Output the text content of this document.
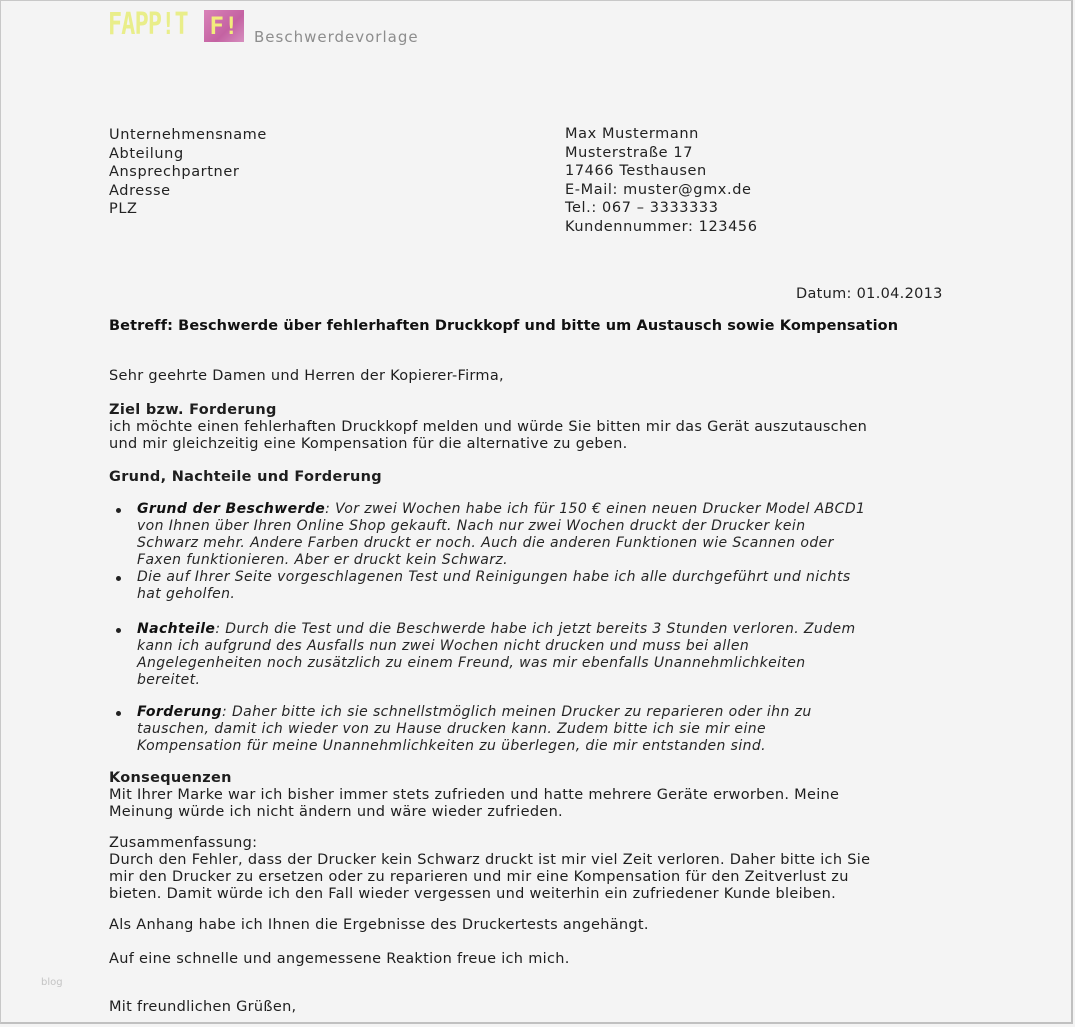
FAPP!T F!	Beschwerdevorlage
Unternehmensname
Abteilung
Ansprechpartner
Adresse
PLZ
Max Mustermann
Musterstraße 17
17466 Testhausen
E-Mail: muster@gmx.de
Tel.: 067 – 3333333
Kundennummer: 123456
Datum: 01.04.2013
Betreff: Beschwerde über fehlerhaften Druckkopf und bitte um Austausch sowie Kompensation
Sehr geehrte Damen und Herren der Kopierer-Firma,
Ziel bzw. Forderung
ich möchte einen fehlerhaften Druckkopf melden und würde Sie bitten mir das Gerät auszutauschen
und mir gleichzeitig eine Kompensation für die alternative zu geben.
Grund, Nachteile und Forderung
Grund der Beschwerde: Vor zwei Wochen habe ich für 150 € einen neuen Drucker Model ABCD1
von Ihnen über Ihren Online Shop gekauft. Nach nur zwei Wochen druckt der Drucker kein
Schwarz mehr. Andere Farben druckt er noch. Auch die anderen Funktionen wie Scannen oder
Faxen funktionieren. Aber er druckt kein Schwarz.
Die auf Ihrer Seite vorgeschlagenen Test und Reinigungen habe ich alle durchgeführt und nichts
hat geholfen.
Nachteile: Durch die Test und die Beschwerde habe ich jetzt bereits 3 Stunden verloren. Zudem
kann ich aufgrund des Ausfalls nun zwei Wochen nicht drucken und muss bei allen
Angelegenheiten noch zusätzlich zu einem Freund, was mir ebenfalls Unannehmlichkeiten
bereitet.
Forderung: Daher bitte ich sie schnellstmöglich meinen Drucker zu reparieren oder ihn zu
tauschen, damit ich wieder von zu Hause drucken kann. Zudem bitte ich sie mir eine
Kompensation für meine Unannehmlichkeiten zu überlegen, die mir entstanden sind.
Konsequenzen
Mit Ihrer Marke war ich bisher immer stets zufrieden und hatte mehrere Geräte erworben. Meine
Meinung würde ich nicht ändern und wäre wieder zufrieden.
Zusammenfassung:
Durch den Fehler, dass der Drucker kein Schwarz druckt ist mir viel Zeit verloren. Daher bitte ich Sie
mir den Drucker zu ersetzen oder zu reparieren und mir eine Kompensation für den Zeitverlust zu
bieten. Damit würde ich den Fall wieder vergessen und weiterhin ein zufriedener Kunde bleiben.
Als Anhang habe ich Ihnen die Ergebnisse des Druckertests angehängt.
Auf eine schnelle und angemessene Reaktion freue ich mich.
blog
Mit freundlichen Grüßen,
